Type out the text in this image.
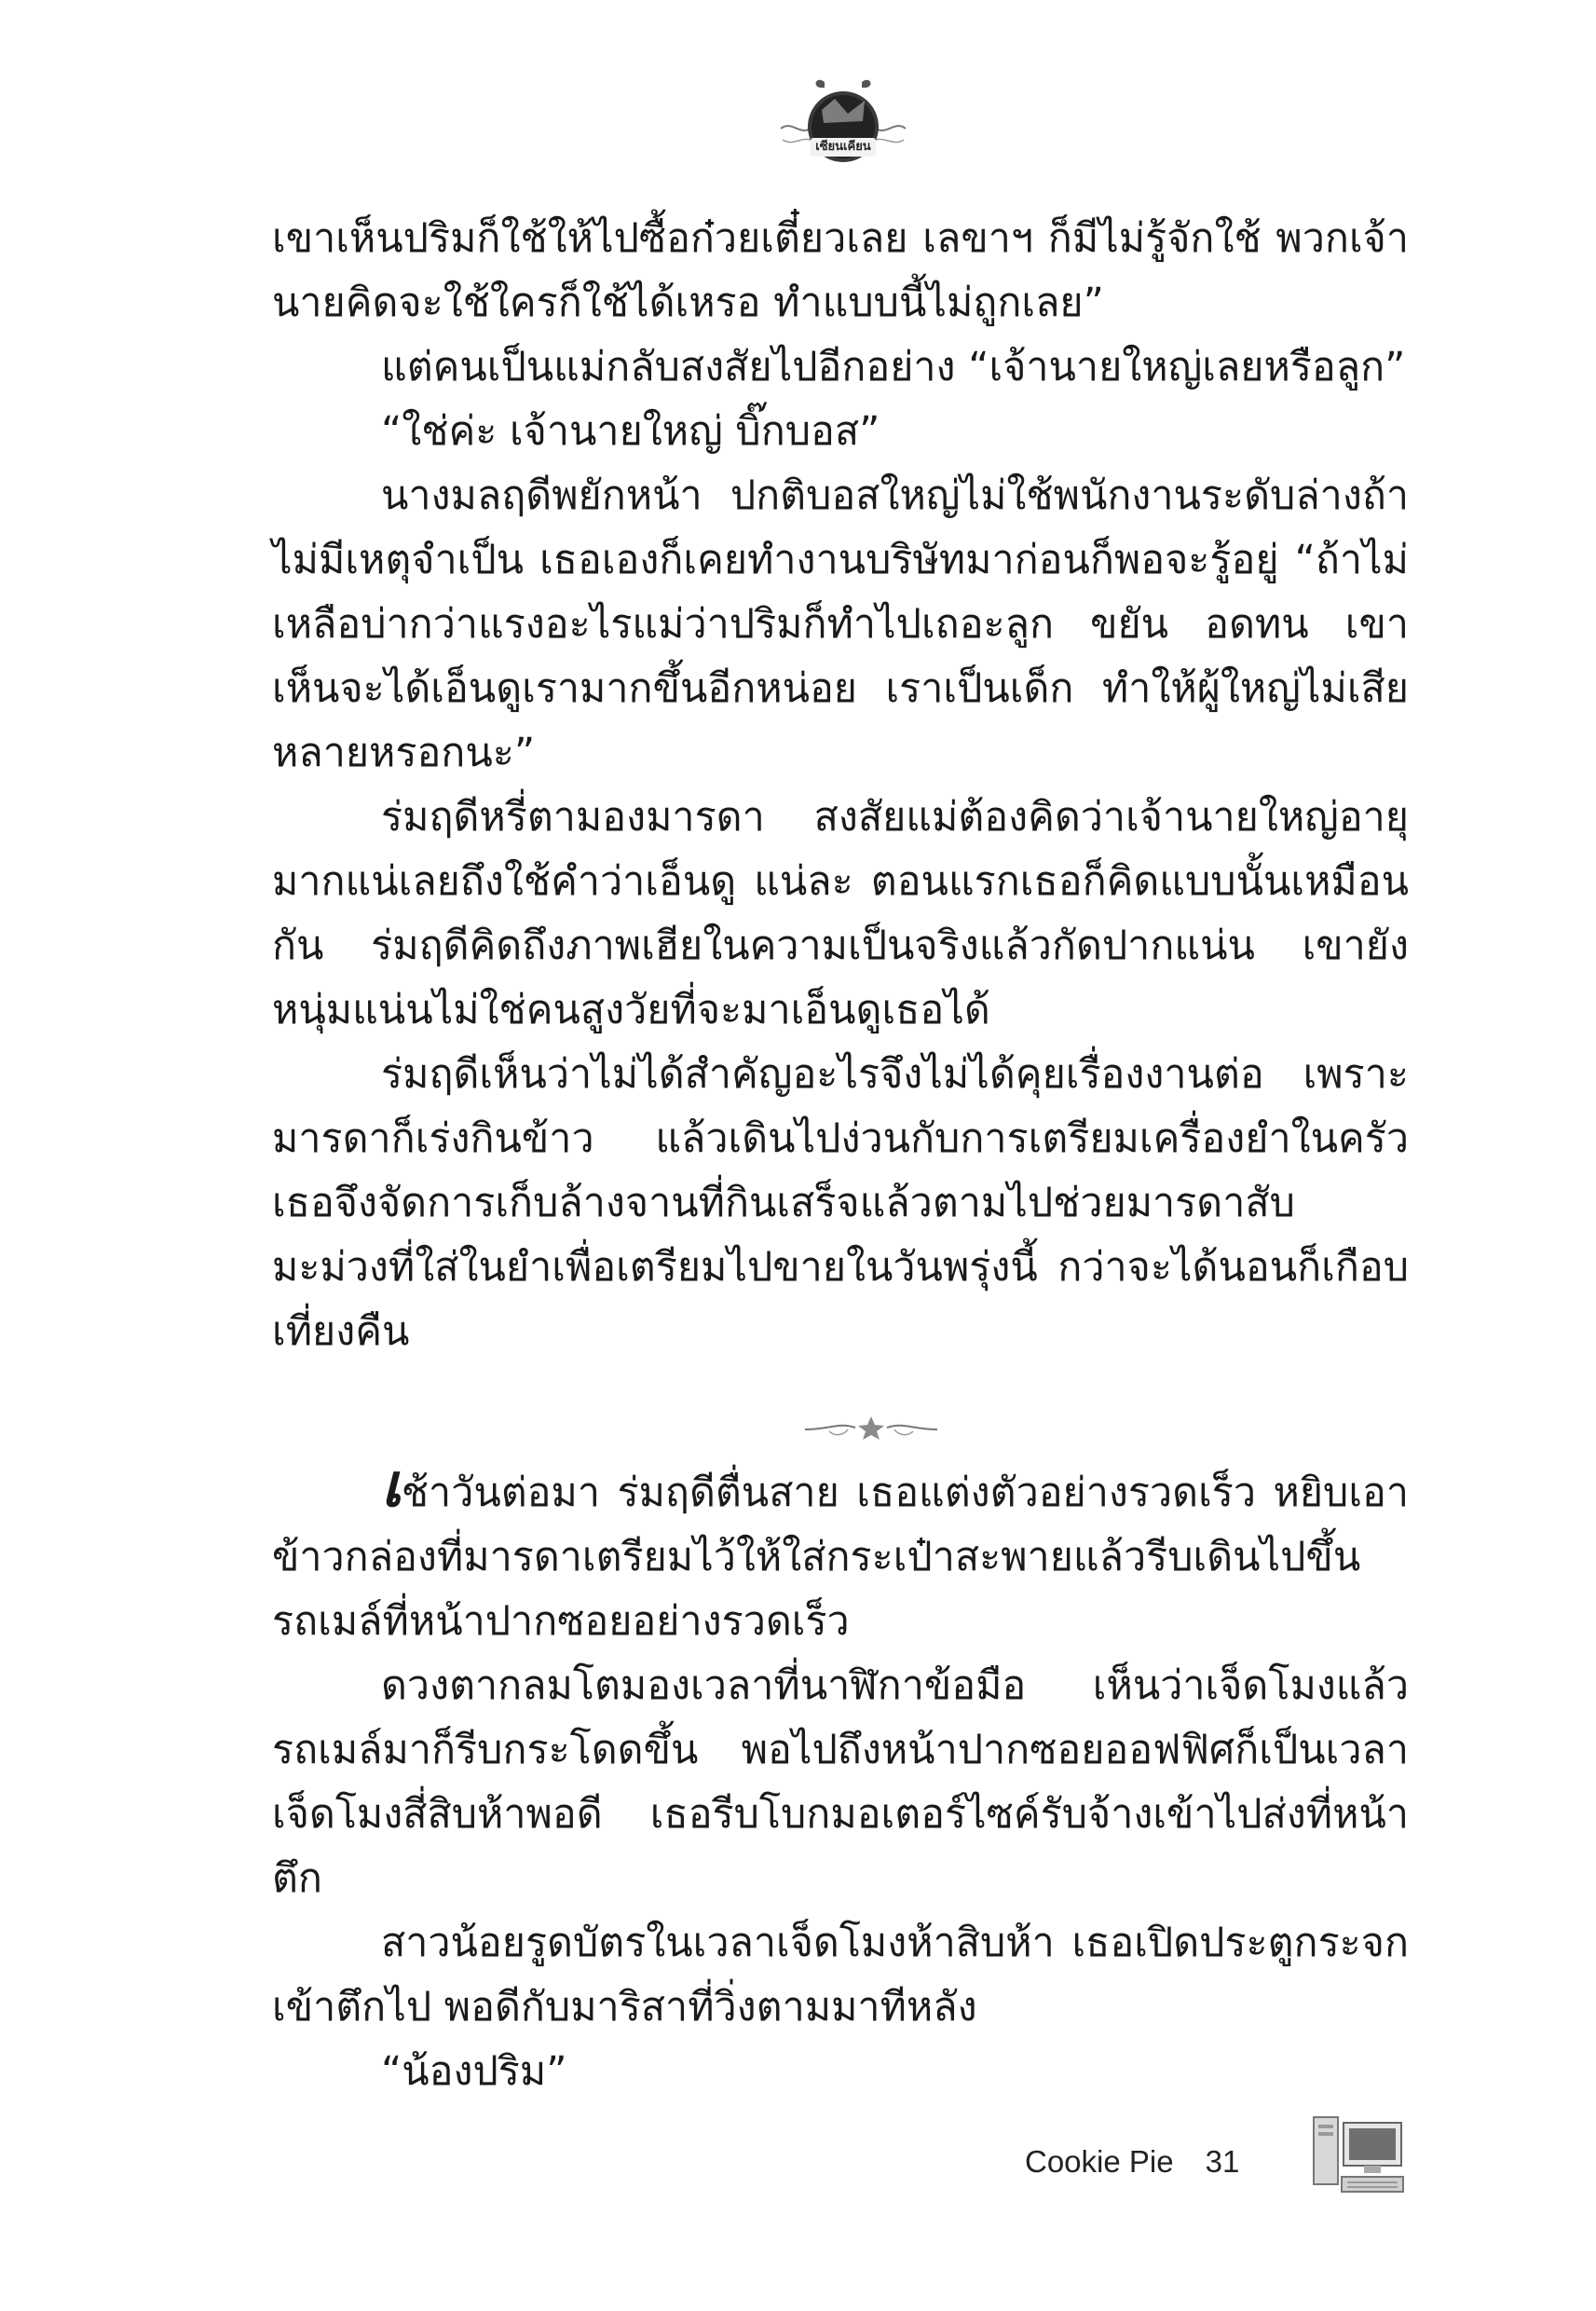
เซียนเคียน

เขาเห็นปริมก็ใช้ให้ไปซื้อก๋วยเตี๋ยวเลย เลขาฯ ก็มีไม่รู้จักใช้ พวกเจ้านายคิดจะใช้ใครก็ใช้ได้เหรอ ทำแบบนี้ไม่ถูกเลย”

แต่คนเป็นแม่กลับสงสัยไปอีกอย่าง “เจ้านายใหญ่เลยหรือลูก”

“ใช่ค่ะ เจ้านายใหญ่ บิ๊กบอส”

นางมลฤดีพยักหน้า ปกติบอสใหญ่ไม่ใช้พนักงานระดับล่างถ้าไม่มีเหตุจำเป็น เธอเองก็เคยทำงานบริษัทมาก่อนก็พอจะรู้อยู่ “ถ้าไม่เหลือบ่ากว่าแรงอะไรแม่ว่าปริมก็ทำไปเถอะลูก ขยัน อดทน เขาเห็นจะได้เอ็นดูเรามากขึ้นอีกหน่อย เราเป็นเด็ก ทำให้ผู้ใหญ่ไม่เสียหลายหรอกนะ”

ร่มฤดีหรี่ตามองมารดา สงสัยแม่ต้องคิดว่าเจ้านายใหญ่อายุมากแน่เลยถึงใช้คำว่าเอ็นดู แน่ละ ตอนแรกเธอก็คิดแบบนั้นเหมือนกัน ร่มฤดีคิดถึงภาพเฮียในความเป็นจริงแล้วกัดปากแน่น เขายังหนุ่มแน่นไม่ใช่คนสูงวัยที่จะมาเอ็นดูเธอได้

ร่มฤดีเห็นว่าไม่ได้สำคัญอะไรจึงไม่ได้คุยเรื่องงานต่อ เพราะมารดาก็เร่งกินข้าว แล้วเดินไปง่วนกับการเตรียมเครื่องยำในครัว เธอจึงจัดการเก็บล้างจานที่กินเสร็จแล้วตามไปช่วยมารดาสับมะม่วงที่ใส่ในยำเพื่อเตรียมไปขายในวันพรุ่งนี้ กว่าจะได้นอนก็เกือบเที่ยงคืน

เช้าวันต่อมา ร่มฤดีตื่นสาย เธอแต่งตัวอย่างรวดเร็ว หยิบเอาข้าวกล่องที่มารดาเตรียมไว้ให้ใส่กระเป๋าสะพายแล้วรีบเดินไปขึ้นรถเมล์ที่หน้าปากซอยอย่างรวดเร็ว

ดวงตากลมโตมองเวลาที่นาฬิกาข้อมือ เห็นว่าเจ็ดโมงแล้ว รถเมล์มาก็รีบกระโดดขึ้น พอไปถึงหน้าปากซอยออฟฟิศก็เป็นเวลาเจ็ดโมงสี่สิบห้าพอดี เธอรีบโบกมอเตอร์ไซค์รับจ้างเข้าไปส่งที่หน้าตึก

สาวน้อยรูดบัตรในเวลาเจ็ดโมงห้าสิบห้า เธอเปิดประตูกระจกเข้าตึกไป พอดีกับมาริสาที่วิ่งตามมาทีหลัง

“น้องปริม”

Cookie Pie 31
